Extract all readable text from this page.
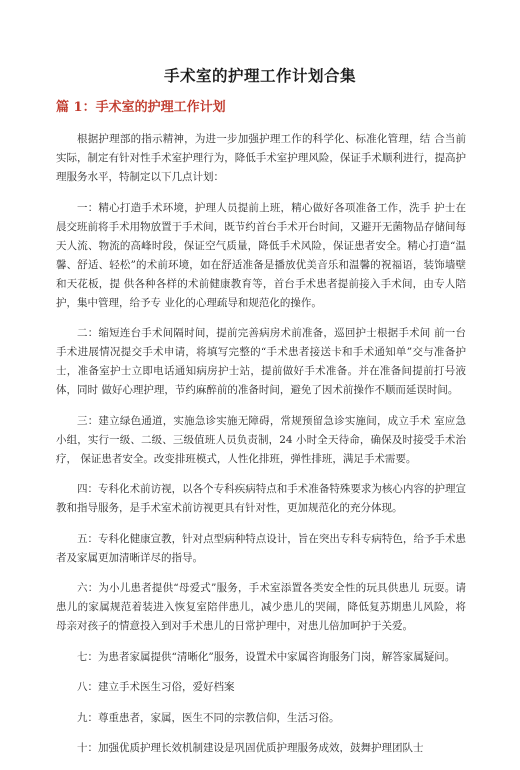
手术室的护理工作计划合集
篇 1：手术室的护理工作计划

根据护理部的指示精神，为进一步加强护理工作的科学化、标准化管理，结 合当前实际，制定有针对性手术室护理行为，降低手术室护理风险，保证手术顺利进行，提高护 理服务水平，特制定以下几点计划：

一：精心打造手术环境，护理人员提前上班，精心做好各项准备工作，洗手 护士在晨交班前将手术用物放置于手术间，既节约首台手术开台时间，又避开无菌物品存储间每 天人流、物流的高峰时段，保证空气质量，降低手术风险，保证患者安全。精心打造“温馨、舒适、轻松”的术前环境，如在舒适准备是播放优美音乐和温馨的祝福语，装饰墙壁和天花板，提 供各种各样的术前健康教育等，首台手术患者提前接入手术间，由专人陪护，集中管理，给予专 业化的心理疏导和规范化的操作。

二：缩短连台手术间隔时间，提前完善病房术前准备，巡回护士根据手术间 前一台手术进展情况提交手术申请，将填写完整的“手术患者接送卡和手术通知单”交与准备护 士，准备室护士立即电话通知病房护士站，提前做好手术准备。并在准备间提前打号液体，同时 做好心理护理，节约麻醉前的准备时间，避免了因术前操作不顺而延误时间。

三：建立绿色通道，实施急诊实施无障碍，常规预留急诊实施间，成立手术 室应急小组，实行一级、二级、三级值班人员负责制，24 小时全天待命，确保及时接受手术治疗， 保证患者安全。改变排班模式，人性化排班，弹性排班，满足手术需要。

四：专科化术前访视，以各个专科疾病特点和手术准备特殊要求为核心内容的护理宣教和指导服务，是手术室术前访视更具有针对性，更加规范化的充分体现。

五：专科化健康宣教，针对点型病种特点设计，旨在突出专科专病特色，给予手术患者及家属更加清晰详尽的指导。

六：为小儿患者提供“母爱式”服务，手术室添置各类安全性的玩具供患儿 玩耍。请患儿的家属规范着装进入恢复室陪伴患儿，减少患儿的哭闹，降低复苏期患儿风险，将 母亲对孩子的情意投入到对手术患儿的日常护理中，对患儿倍加呵护于关爱。

七：为患者家属提供“清晰化”服务，设置术中家属咨询服务门岗，解答家属疑问。

八：建立手术医生习俗，爱好档案

九：尊重患者，家属，医生不同的宗教信仰，生活习俗。

十：加强优质护理长效机制建设是巩固优质护理服务成效，鼓舞护理团队士
